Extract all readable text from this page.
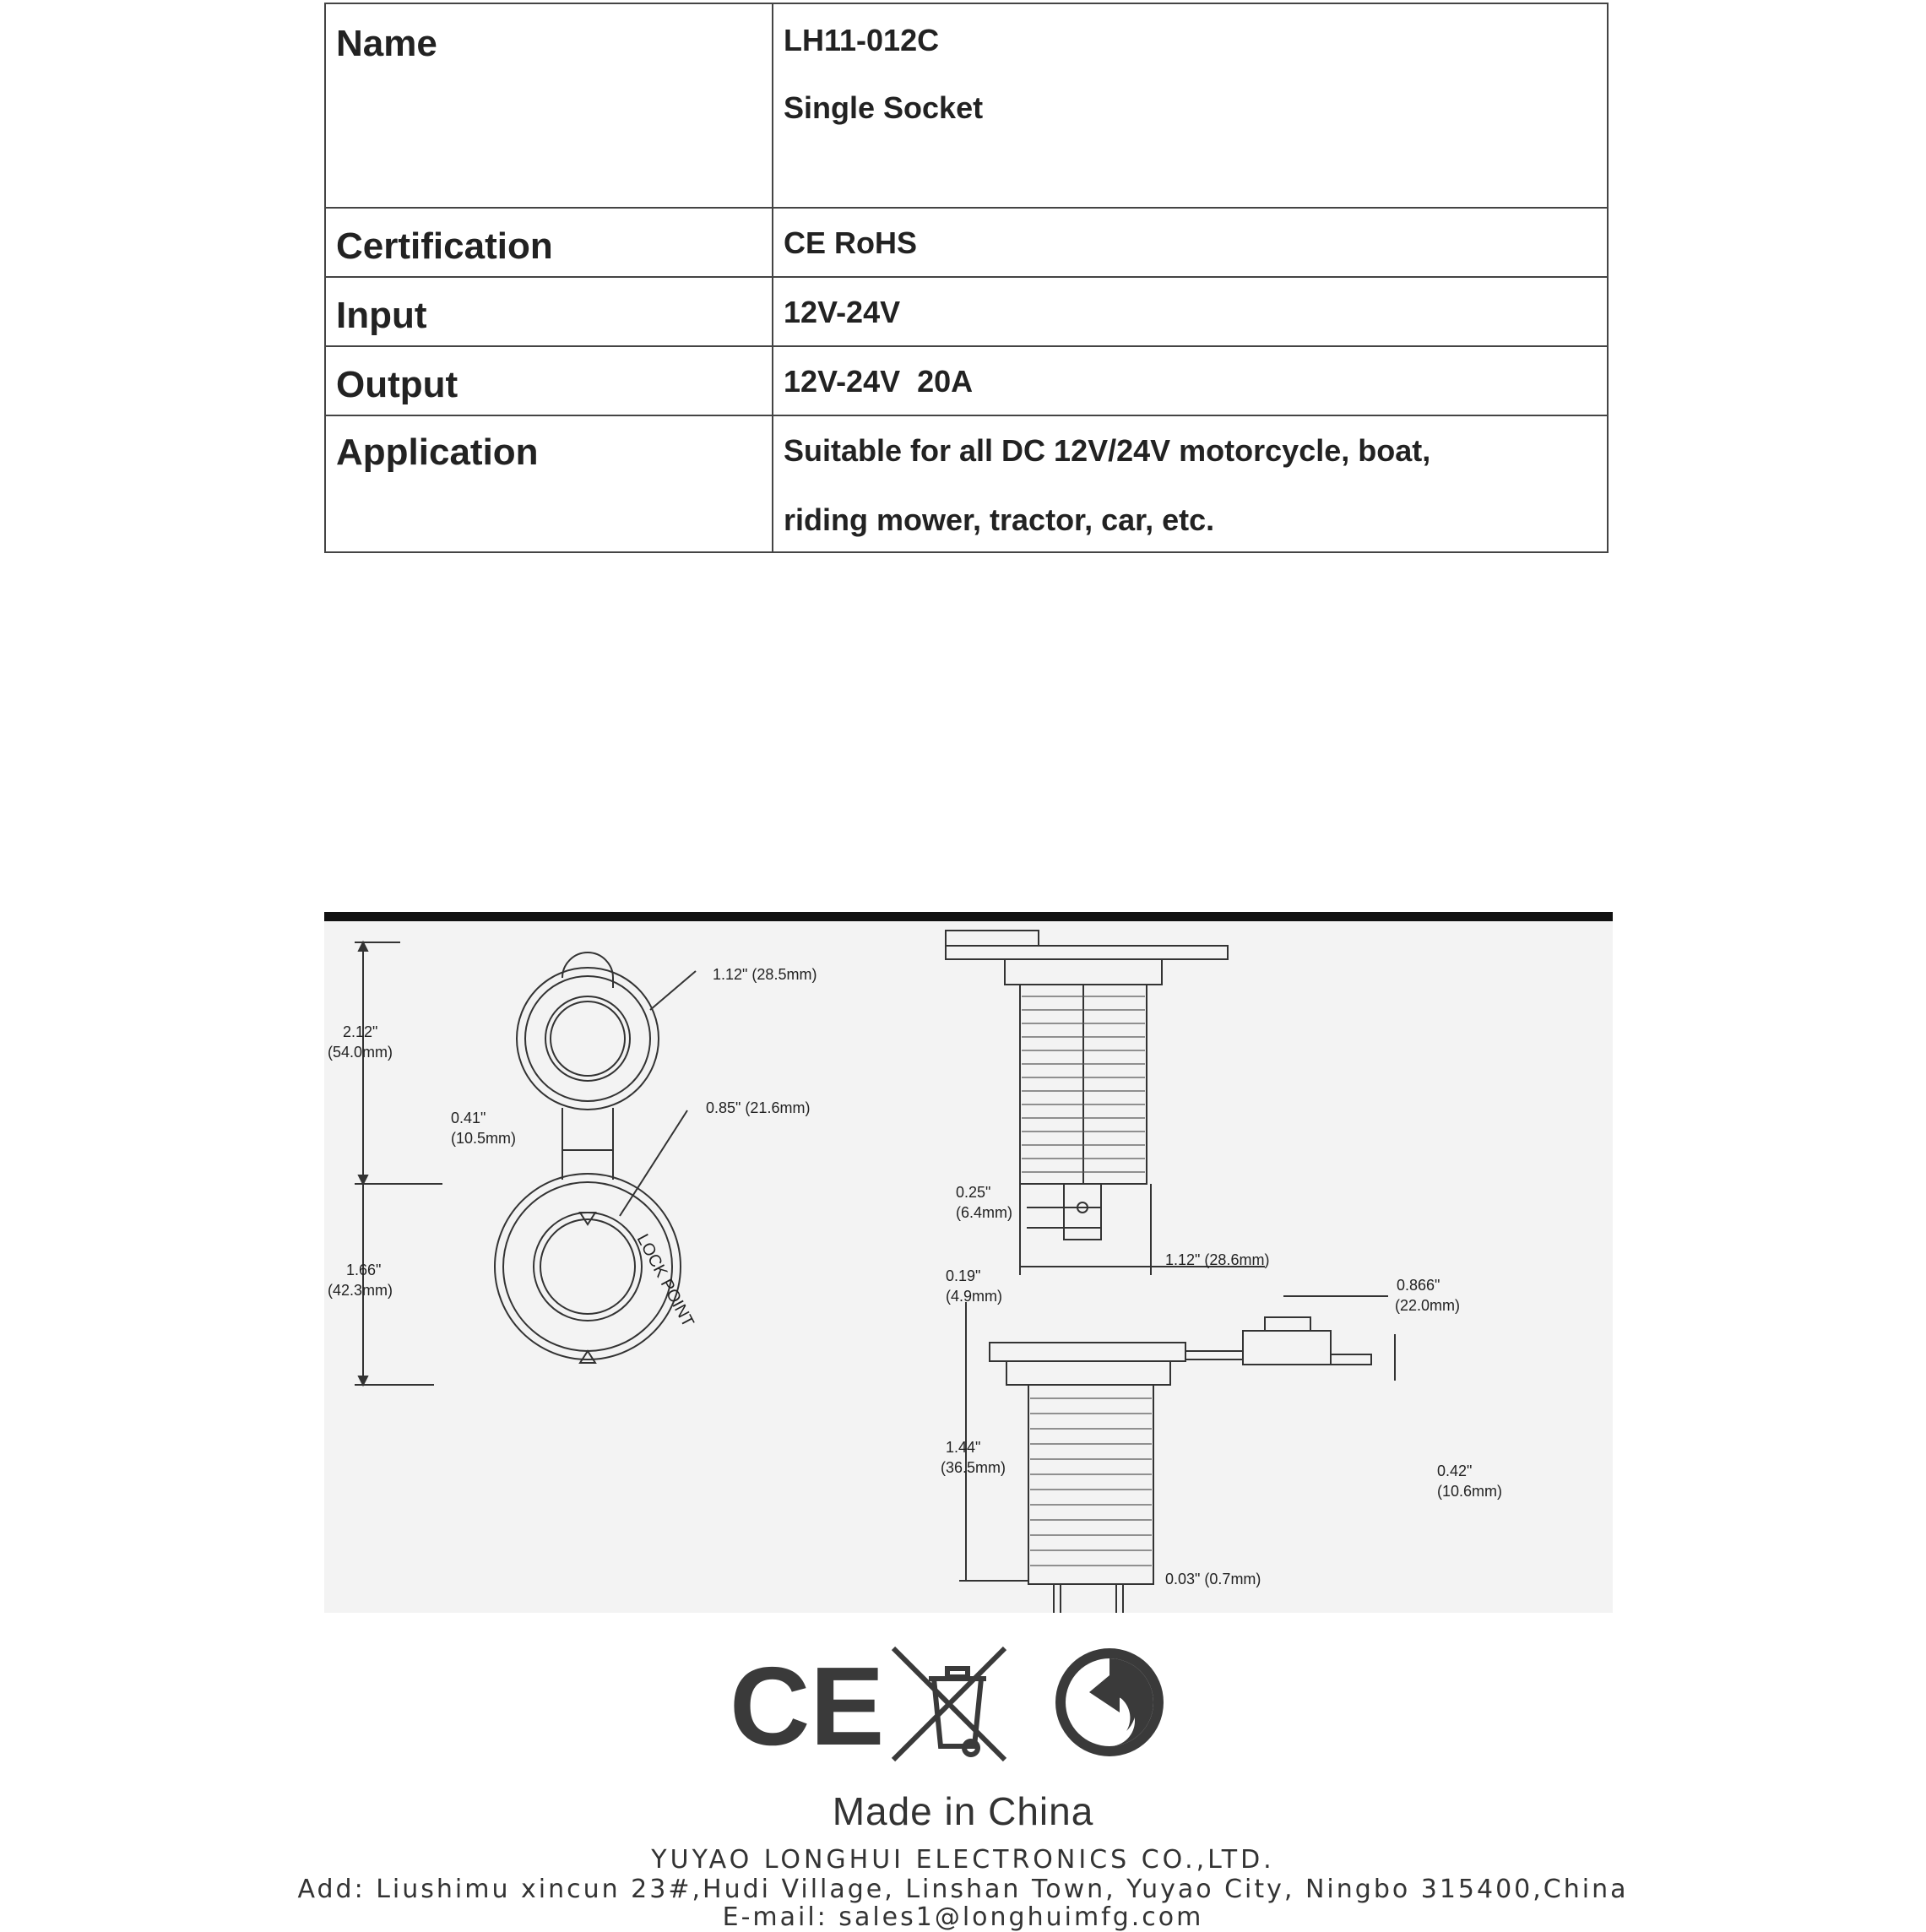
Name	LH11-012C
Single Socket

Certification	CE RoHS

Input	12V-24V

Output	12V-24V  20A

Application	Suitable for all DC 12V/24V motorcycle, boat,
riding mower, tractor, car, etc.
1.12" (28.5mm)
2.12"
(54.0mm)
0.41"
(10.5mm)
0.85" (21.6mm)
1.66"
(42.3mm)	LOCK POINT
0.25"
(6.4mm)
1.12" (28.6mm)
0.19"
(4.9mm)
0.866"
(22.0mm)
1.44"
(36.5mm)	0.42"
(10.6mm)
0.03" (0.7mm)
CE
Made in China
YUYAO LONGHUI ELECTRONICS CO.,LTD.
Add: Liushimu xincun 23#,Hudi Village, Linshan Town, Yuyao City, Ningbo 315400,China
E-mail: sales1@longhuimfg.com
